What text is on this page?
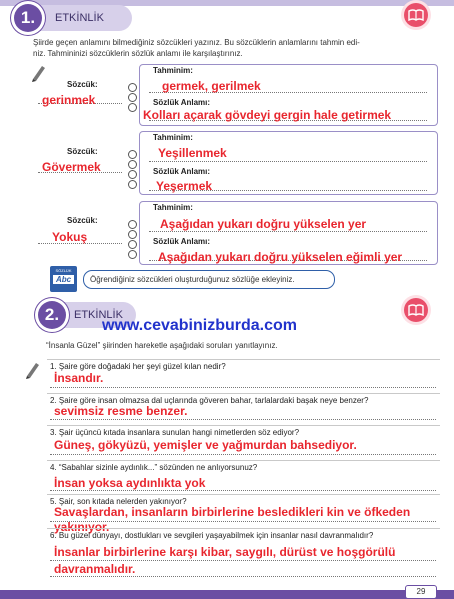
1.	ETKİNLİK
Şiirde geçen anlamını bilmediğiniz sözcükleri yazınız. Bu sözcüklerin anlamlarını tahmin edi-
niz. Tahmininizi sözcüklerin sözlük anlamı ile karşılaştırınız.
Sözcük:
gerinmek
Tahminim:
germek, gerilmek
Sözlük Anlamı:
Kolları açarak gövdeyi gergin hale getirmek
Sözcük:
Gövermek
Tahminim:
Yeşillenmek
Sözlük Anlamı:
Yeşermek
Sözcük:
Yokuş
Tahminim:
Aşağıdan yukarı doğru yükselen yer
Sözlük Anlamı:
Aşağıdan yukarı doğru yükselen eğimli yer
SÖZLÜK
Abc	Öğrendiğiniz sözcükleri oluşturduğunuz sözlüğe ekleyiniz.
2.	ETKİNLİK
www.cevabinizburda.com
“İnsanla Güzel” şiirinden hareketle aşağıdaki soruları yanıtlayınız.
1. Şaire göre doğadaki her şeyi güzel kılan nedir?
İnsandır.
2. Şaire göre insan olmazsa dal uçlarında göveren bahar, tarlalardaki başak neye benzer?
sevimsiz resme benzer.
3. Şair üçüncü kıtada insanlara sunulan hangi nimetlerden söz ediyor?
Güneş, gökyüzü, yemişler ve yağmurdan bahsediyor.
4. “Sabahlar sizinle aydınlık...” sözünden ne anlıyorsunuz?
İnsan yoksa aydınlıkta yok
5. Şair, son kıtada nelerden yakınıyor?
Savaşlardan, insanların birbirlerine besledikleri kin ve öfkeden yakınıyor.
6. Bu güzel dünyayı, dostlukları ve sevgileri yaşayabilmek için insanlar nasıl davranmalıdır?
İnsanlar birbirlerine karşı kibar, saygılı, dürüst ve hoşgörülü davranmalıdır.
29
